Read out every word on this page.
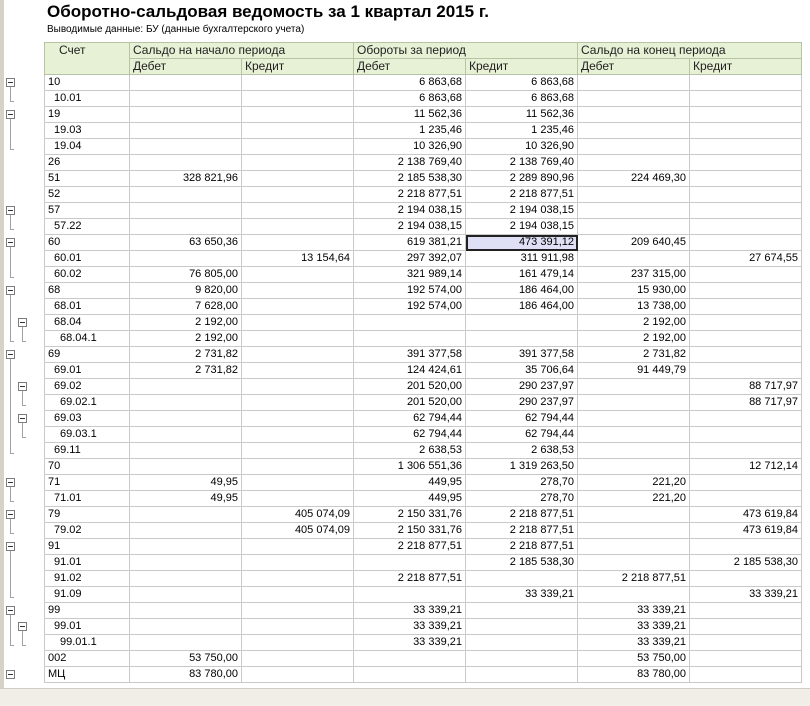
Оборотно-сальдовая ведомость за 1 квартал 2015 г.
Выводимые данные: БУ (данные бухгалтерского учета)
Счет	Сальдо на начало периода		Обороты за период		Сальдо на конец периода	
	Дебет	Кредит	Дебет	Кредит	Дебет	Кредит
10			6 863,68	6 863,68		
10.01			6 863,68	6 863,68		
19			11 562,36	11 562,36		
19.03			1 235,46	1 235,46		
19.04			10 326,90	10 326,90		
26			2 138 769,40	2 138 769,40		
51	328 821,96		2 185 538,30	2 289 890,96	224 469,30	
52			2 218 877,51	2 218 877,51		
57			2 194 038,15	2 194 038,15		
57.22			2 194 038,15	2 194 038,15		
60	63 650,36		619 381,21	473 391,12	209 640,45	
60.01		13 154,64	297 392,07	311 911,98		27 674,55
60.02	76 805,00		321 989,14	161 479,14	237 315,00	
68	9 820,00		192 574,00	186 464,00	15 930,00	
68.01	7 628,00		192 574,00	186 464,00	13 738,00	
68.04	2 192,00				2 192,00	
68.04.1	2 192,00				2 192,00	
69	2 731,82		391 377,58	391 377,58	2 731,82	
69.01	2 731,82		124 424,61	35 706,64	91 449,79	
69.02			201 520,00	290 237,97		88 717,97
69.02.1			201 520,00	290 237,97		88 717,97
69.03			62 794,44	62 794,44		
69.03.1			62 794,44	62 794,44		
69.11			2 638,53	2 638,53		
70			1 306 551,36	1 319 263,50		12 712,14
71	49,95		449,95	278,70	221,20	
71.01	49,95		449,95	278,70	221,20	
79		405 074,09	2 150 331,76	2 218 877,51		473 619,84
79.02		405 074,09	2 150 331,76	2 218 877,51		473 619,84
91			2 218 877,51	2 218 877,51		
91.01				2 185 538,30		2 185 538,30
91.02			2 218 877,51		2 218 877,51	
91.09				33 339,21		33 339,21
99			33 339,21		33 339,21	
99.01			33 339,21		33 339,21	
99.01.1			33 339,21		33 339,21	
002	53 750,00				53 750,00	
МЦ	83 780,00				83 780,00	
